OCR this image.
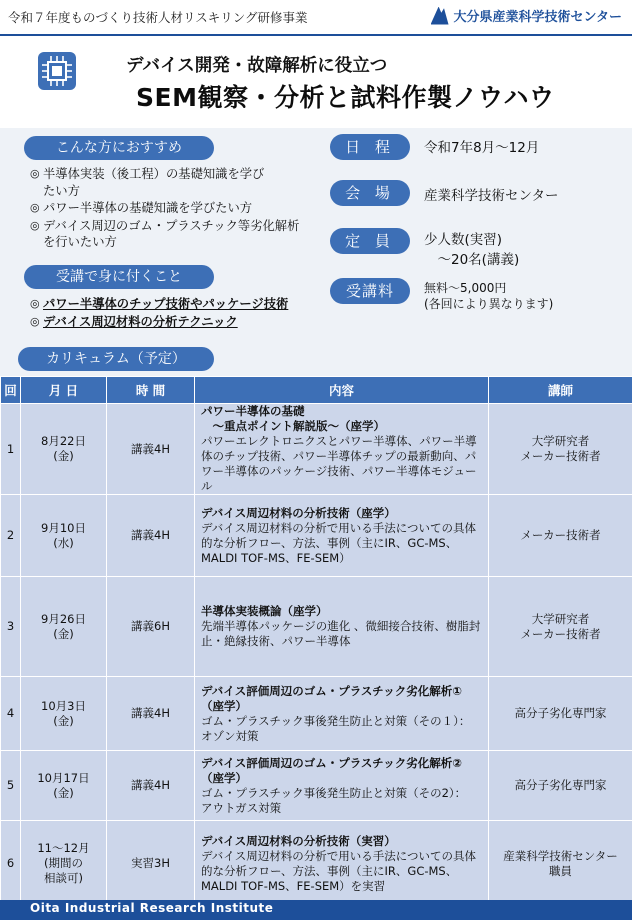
令和７年度ものづくり技術人材リスキリング研修事業	大分県産業科学技術センター
デバイス開発・故障解析に役立つ
SEM観察・分析と試料作製ノウハウ
こんな方におすすめ
◎ 半導体実装（後工程）の基礎知識を学び
たい方
◎ パワー半導体の基礎知識を学びたい方
◎ デバイス周辺のゴム・プラスチック等劣化解析
を行いたい方
受講で身に付くこと
◎ パワー半導体のチップ技術やパッケージ技術
◎ デバイス周辺材料の分析テクニック
日 程	令和7年8月～12月
会 場	産業科学技術センター
定 員	少人数(実習)
　～20名(講義)
受講料	無料～5,000円
(各回により異なります)
カリキュラム（予定）
回	月 日	時 間	内容	講師
1	8月22日
(金)	講義4H	パワー半導体の基礎
　～重点ポイント解説版～（座学）
パワーエレクトロニクスとパワー半導体、パワー半導体のチップ技術、パワー半導体チップの最新動向、パワー半導体のパッケージ技術、パワー半導体モジュール	大学研究者
メーカー技術者
2	9月10日
(水)	講義4H	デバイス周辺材料の分析技術（座学）
デバイス周辺材料の分析で用いる手法についての具体的な分析フロー、方法、事例（主にIR、GC-MS、MALDI TOF-MS、FE-SEM）	メーカー技術者
3	9月26日
(金)	講義6H	半導体実装概論（座学）
先端半導体パッケージの進化 、微細接合技術、樹脂封止・絶縁技術、パワー半導体	大学研究者
メーカー技術者
4	10月3日
(金)	講義4H	デバイス評価周辺のゴム・プラスチック劣化解析①
（座学）
ゴム・プラスチック事後発生防止と対策（その１）：
オゾン対策	高分子劣化専門家
5	10月17日
(金)	講義4H	デバイス評価周辺のゴム・プラスチック劣化解析②
（座学）
ゴム・プラスチック事後発生防止と対策（その2）：
アウトガス対策	高分子劣化専門家
6	11～12月
(期間の
相談可)	実習3H	デバイス周辺材料の分析技術（実習）
デバイス周辺材料の分析で用いる手法についての具体的な分析フロー、方法、事例（主にIR、GC-MS、MALDI TOF-MS、FE-SEM）を実習	産業科学技術センター
職員
Oita Industrial Research Institute
